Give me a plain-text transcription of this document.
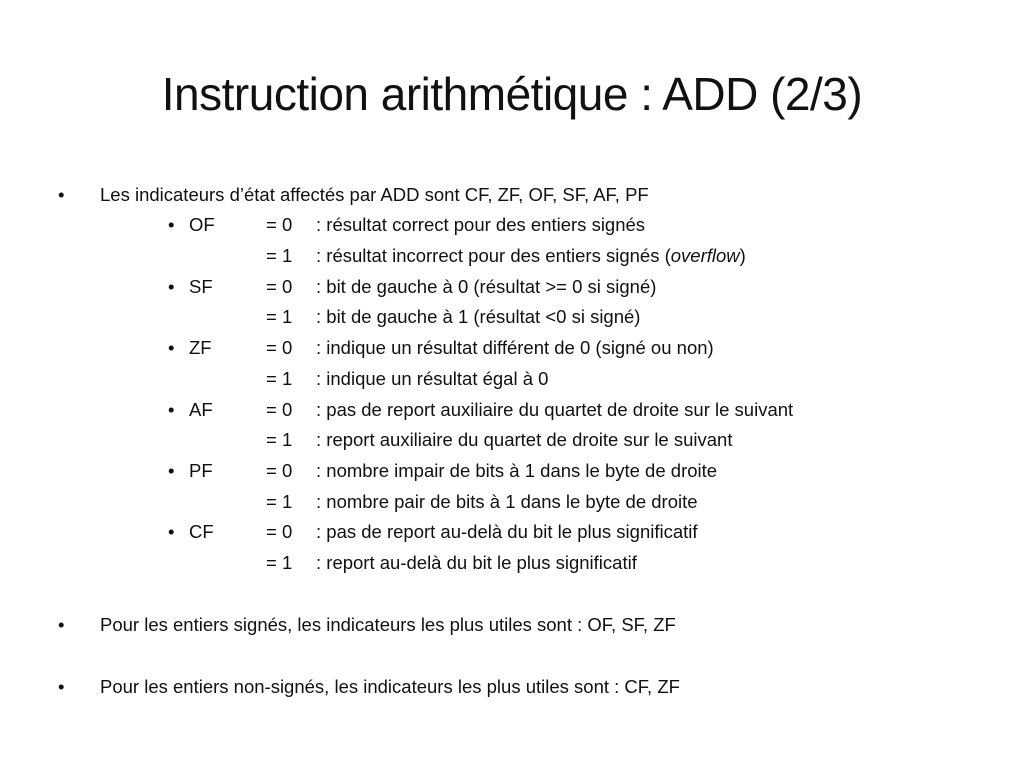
Instruction arithmétique : ADD (2/3)
• Les indicateurs d’état affectés par ADD sont CF, ZF, OF, SF, AF, PF
• OF	= 0 : résultat correct pour des entiers signés
= 1 : résultat incorrect pour des entiers signés (overflow)
• SF	= 0 : bit de gauche à 0 (résultat >= 0 si signé)
= 1 : bit de gauche à 1 (résultat <0 si signé)
• ZF	= 0 : indique un résultat différent de 0 (signé ou non)
= 1 : indique un résultat égal à 0
• AF	= 0 : pas de report auxiliaire du quartet de droite sur le suivant
= 1 : report auxiliaire du quartet de droite sur le suivant
• PF	= 0 : nombre impair de bits à 1 dans le byte de droite
= 1 : nombre pair de bits à 1 dans le byte de droite
• CF	= 0 : pas de report au-delà du bit le plus significatif
= 1 : report au-delà du bit le plus significatif
• Pour les entiers signés, les indicateurs les plus utiles sont : OF, SF, ZF
• Pour les entiers non-signés, les indicateurs les plus utiles sont : CF, ZF
